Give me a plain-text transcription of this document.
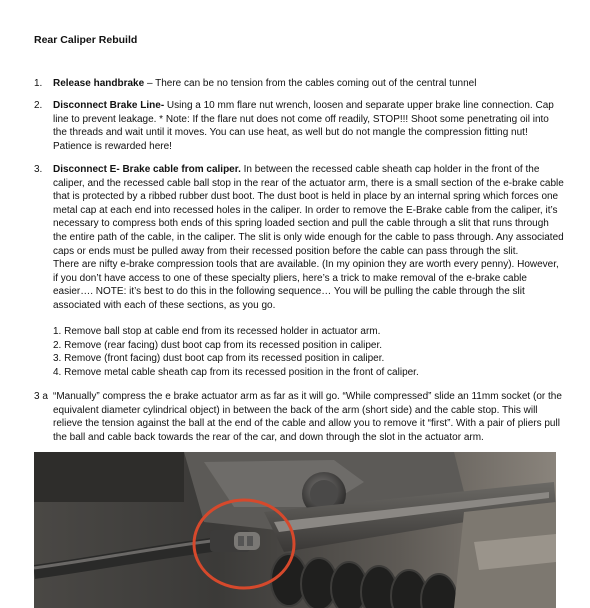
Rear Caliper Rebuild
1.	Release handbrake – There can be no tension from the cables coming out of the central tunnel
2.	Disconnect Brake Line- Using a 10 mm flare nut wrench, loosen and separate upper brake line connection. Cap line to prevent leakage. * Note: If the flare nut does not come off readily, STOP!!! Shoot some penetrating oil into the threads and wait until it moves. You can use heat, as well but do not mangle the compression fitting nut! Patience is rewarded here!
3.	Disconnect E- Brake cable from caliper. In between the recessed cable sheath cap holder in the front of the caliper, and the recessed cable ball stop in the rear of the actuator arm, there is a small section of the e-brake cable that is protected by a ribbed rubber dust boot. The dust boot is held in place by an internal spring which forces one metal cap at each end into recessed holes in the caliper. In order to remove the E-Brake cable from the caliper, it’s necessary to compress both ends of this spring loaded section and pull the cable through a slit that runs through the entire path of the cable, in the caliper. The slit is only wide enough for the cable to pass through. Any associated caps or ends must be pulled away from their recessed position before the cable can pass through the slit.
There are nifty e-brake compression tools that are available. (In my opinion they are worth every penny). However, if you don’t have access to one of these specialty pliers, here’s a trick to make removal of the e-brake cable easier…. NOTE: it’s best to do this in the following sequence… You will be pulling the cable through the slit associated with each of these sections, as you go.
1. Remove ball stop at cable end from its recessed holder in actuator arm.
2. Remove (rear facing) dust boot cap from its recessed position in caliper.
3. Remove (front facing) dust boot cap from its recessed position in caliper.
4. Remove metal cable sheath cap from its recessed position in the front of caliper.
3 a “Manually” compress the e brake actuator arm as far as it will go. “While compressed” slide an 11mm socket (or the equivalent diameter cylindrical object) in between the back of the arm (short side) and the cable stop. This will relieve the tension against the ball at the end of the cable and allow you to remove it “first”. With a pair of pliers pull the ball and cable back towards the rear of the car, and down through the slot in the actuator arm.
